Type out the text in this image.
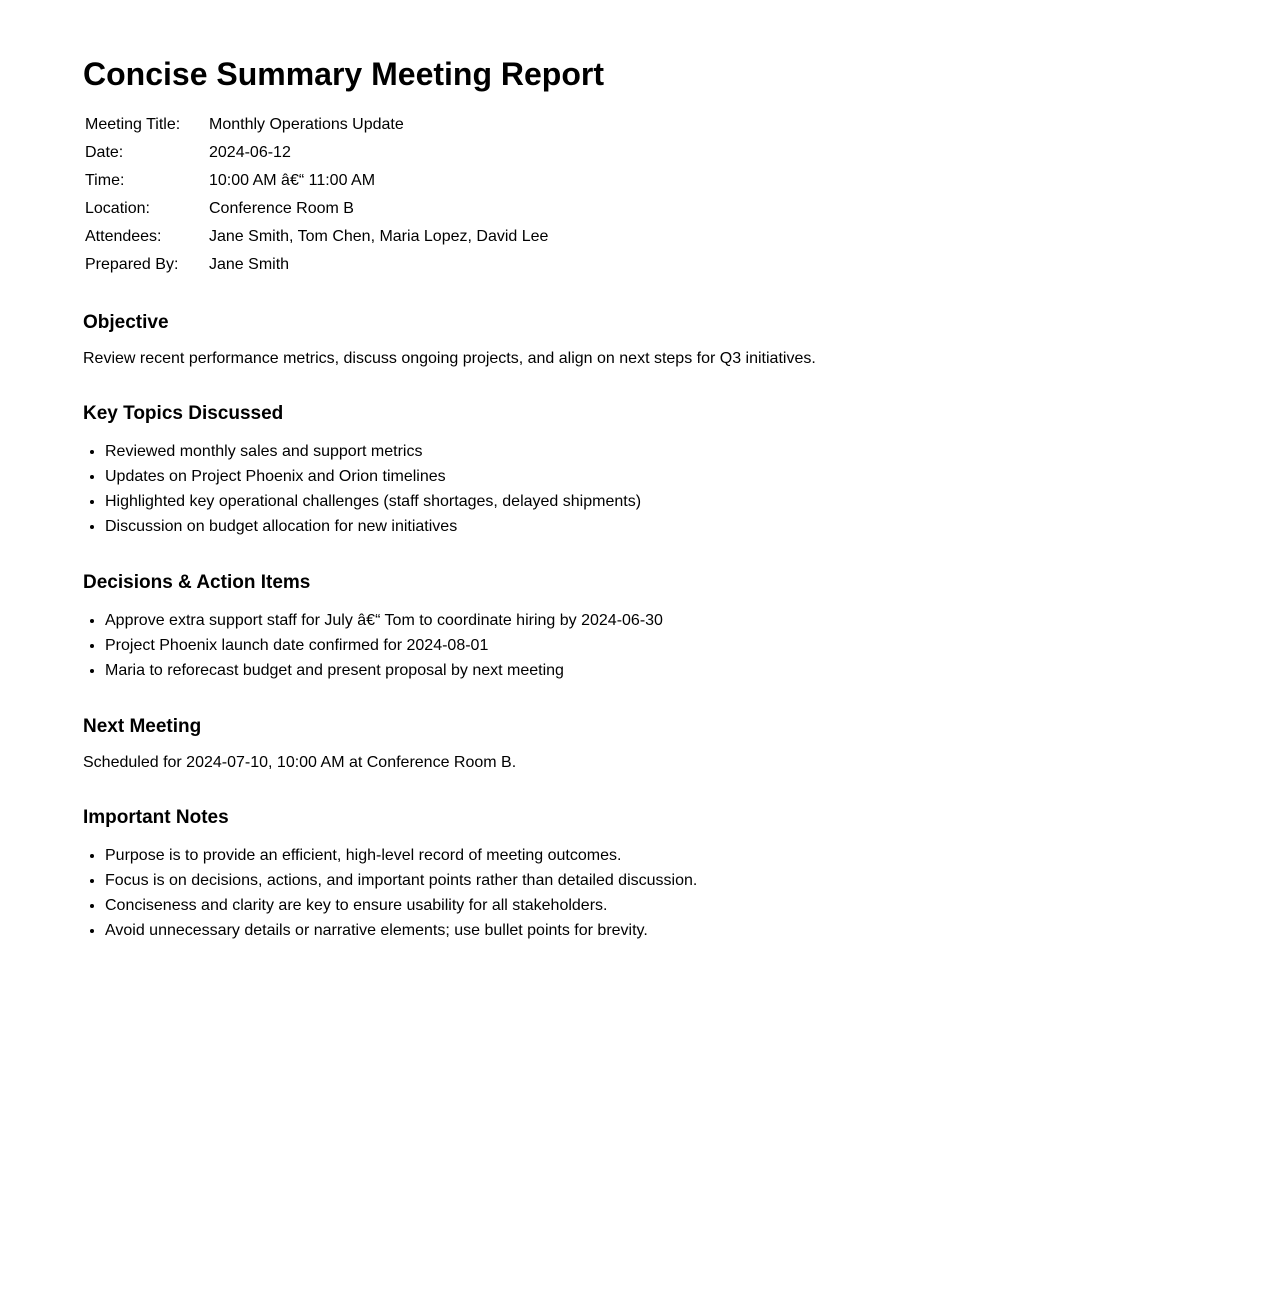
Concise Summary Meeting Report
Meeting Title:	Monthly Operations Update
Date:	2024-06-12
Time:	10:00 AM â€“ 11:00 AM
Location:	Conference Room B
Attendees:	Jane Smith, Tom Chen, Maria Lopez, David Lee
Prepared By:	Jane Smith
Objective

Review recent performance metrics, discuss ongoing projects, and align on next steps for Q3 initiatives.

Key Topics Discussed
• Reviewed monthly sales and support metrics
• Updates on Project Phoenix and Orion timelines
• Highlighted key operational challenges (staff shortages, delayed shipments)
• Discussion on budget allocation for new initiatives
Decisions & Action Items
• Approve extra support staff for July â€“ Tom to coordinate hiring by 2024-06-30
• Project Phoenix launch date confirmed for 2024-08-01
• Maria to reforecast budget and present proposal by next meeting
Next Meeting

Scheduled for 2024-07-10, 10:00 AM at Conference Room B.

Important Notes
• Purpose is to provide an efficient, high-level record of meeting outcomes.
• Focus is on decisions, actions, and important points rather than detailed discussion.
• Conciseness and clarity are key to ensure usability for all stakeholders.
• Avoid unnecessary details or narrative elements; use bullet points for brevity.
